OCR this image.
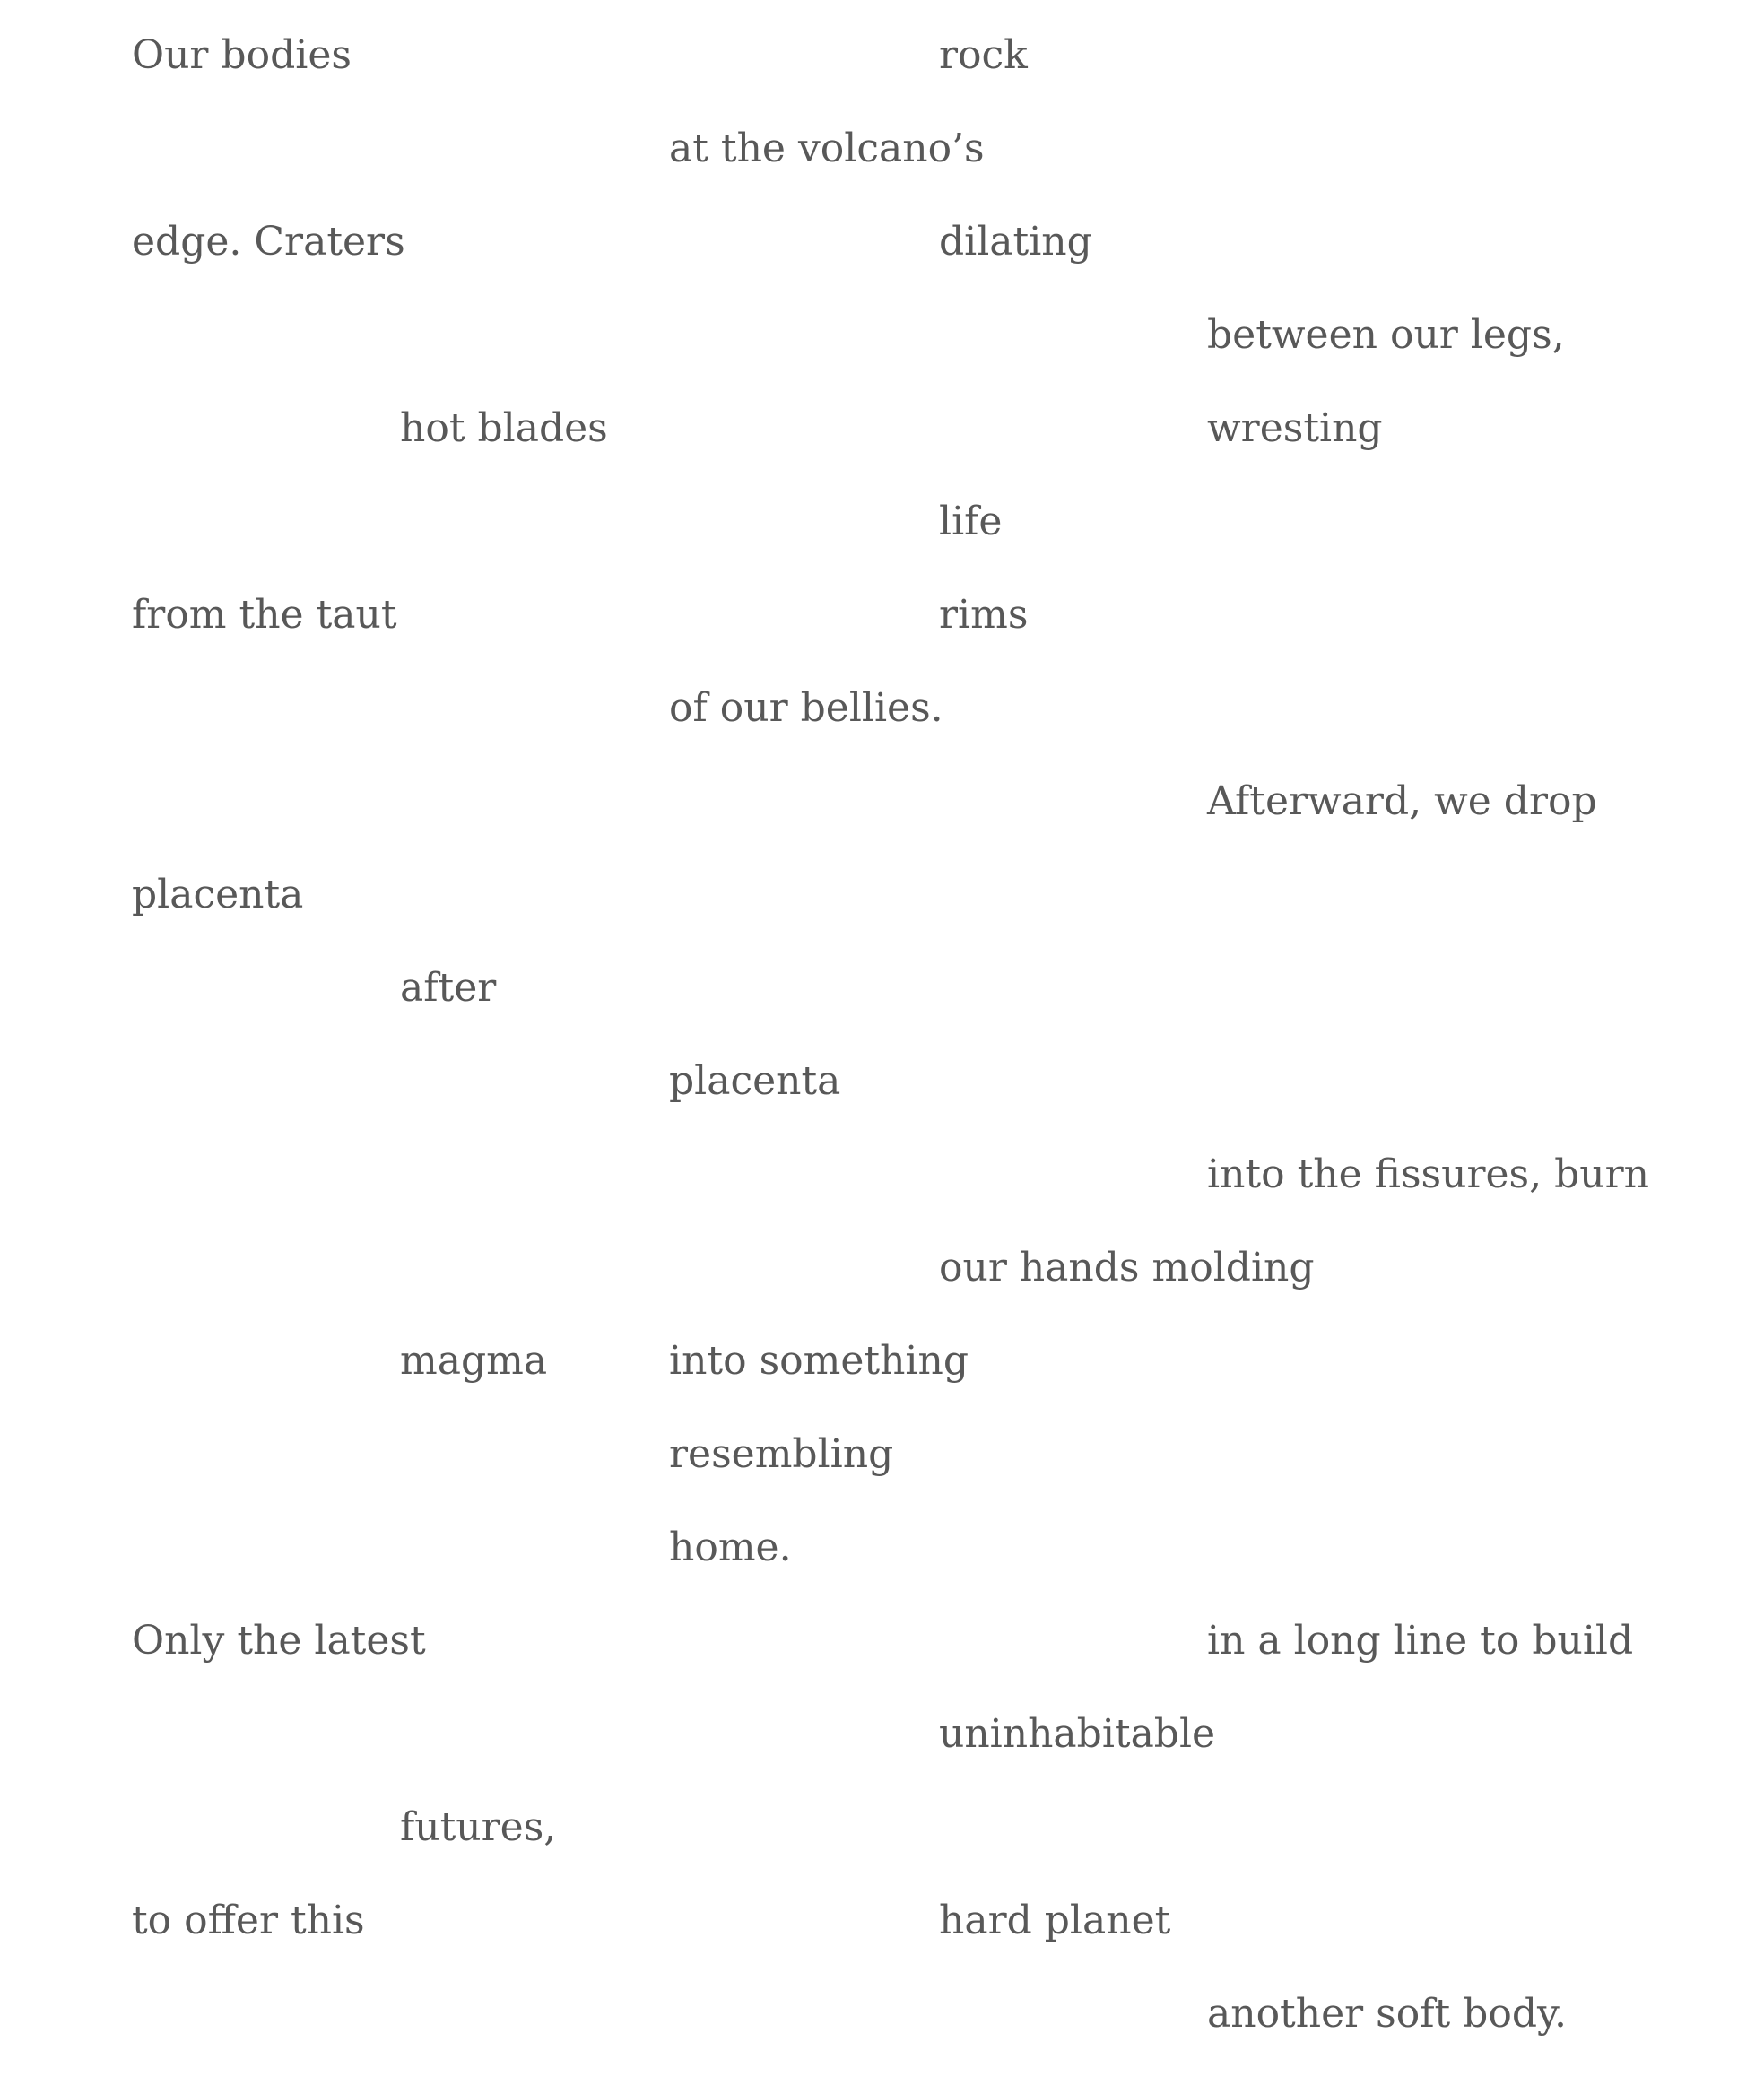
Our bodies	rock
at the volcano’s
edge. Craters	dilating
between our legs,
hot blades	wresting
life
from the taut	rims
of our bellies.
Afterward, we drop
placenta
after
placenta
into the fissures, burn
our hands molding
magma	into something
resembling
home.
Only the latest	in a long line to build
uninhabitable
futures,
to offer this	hard planet
another soft body.
